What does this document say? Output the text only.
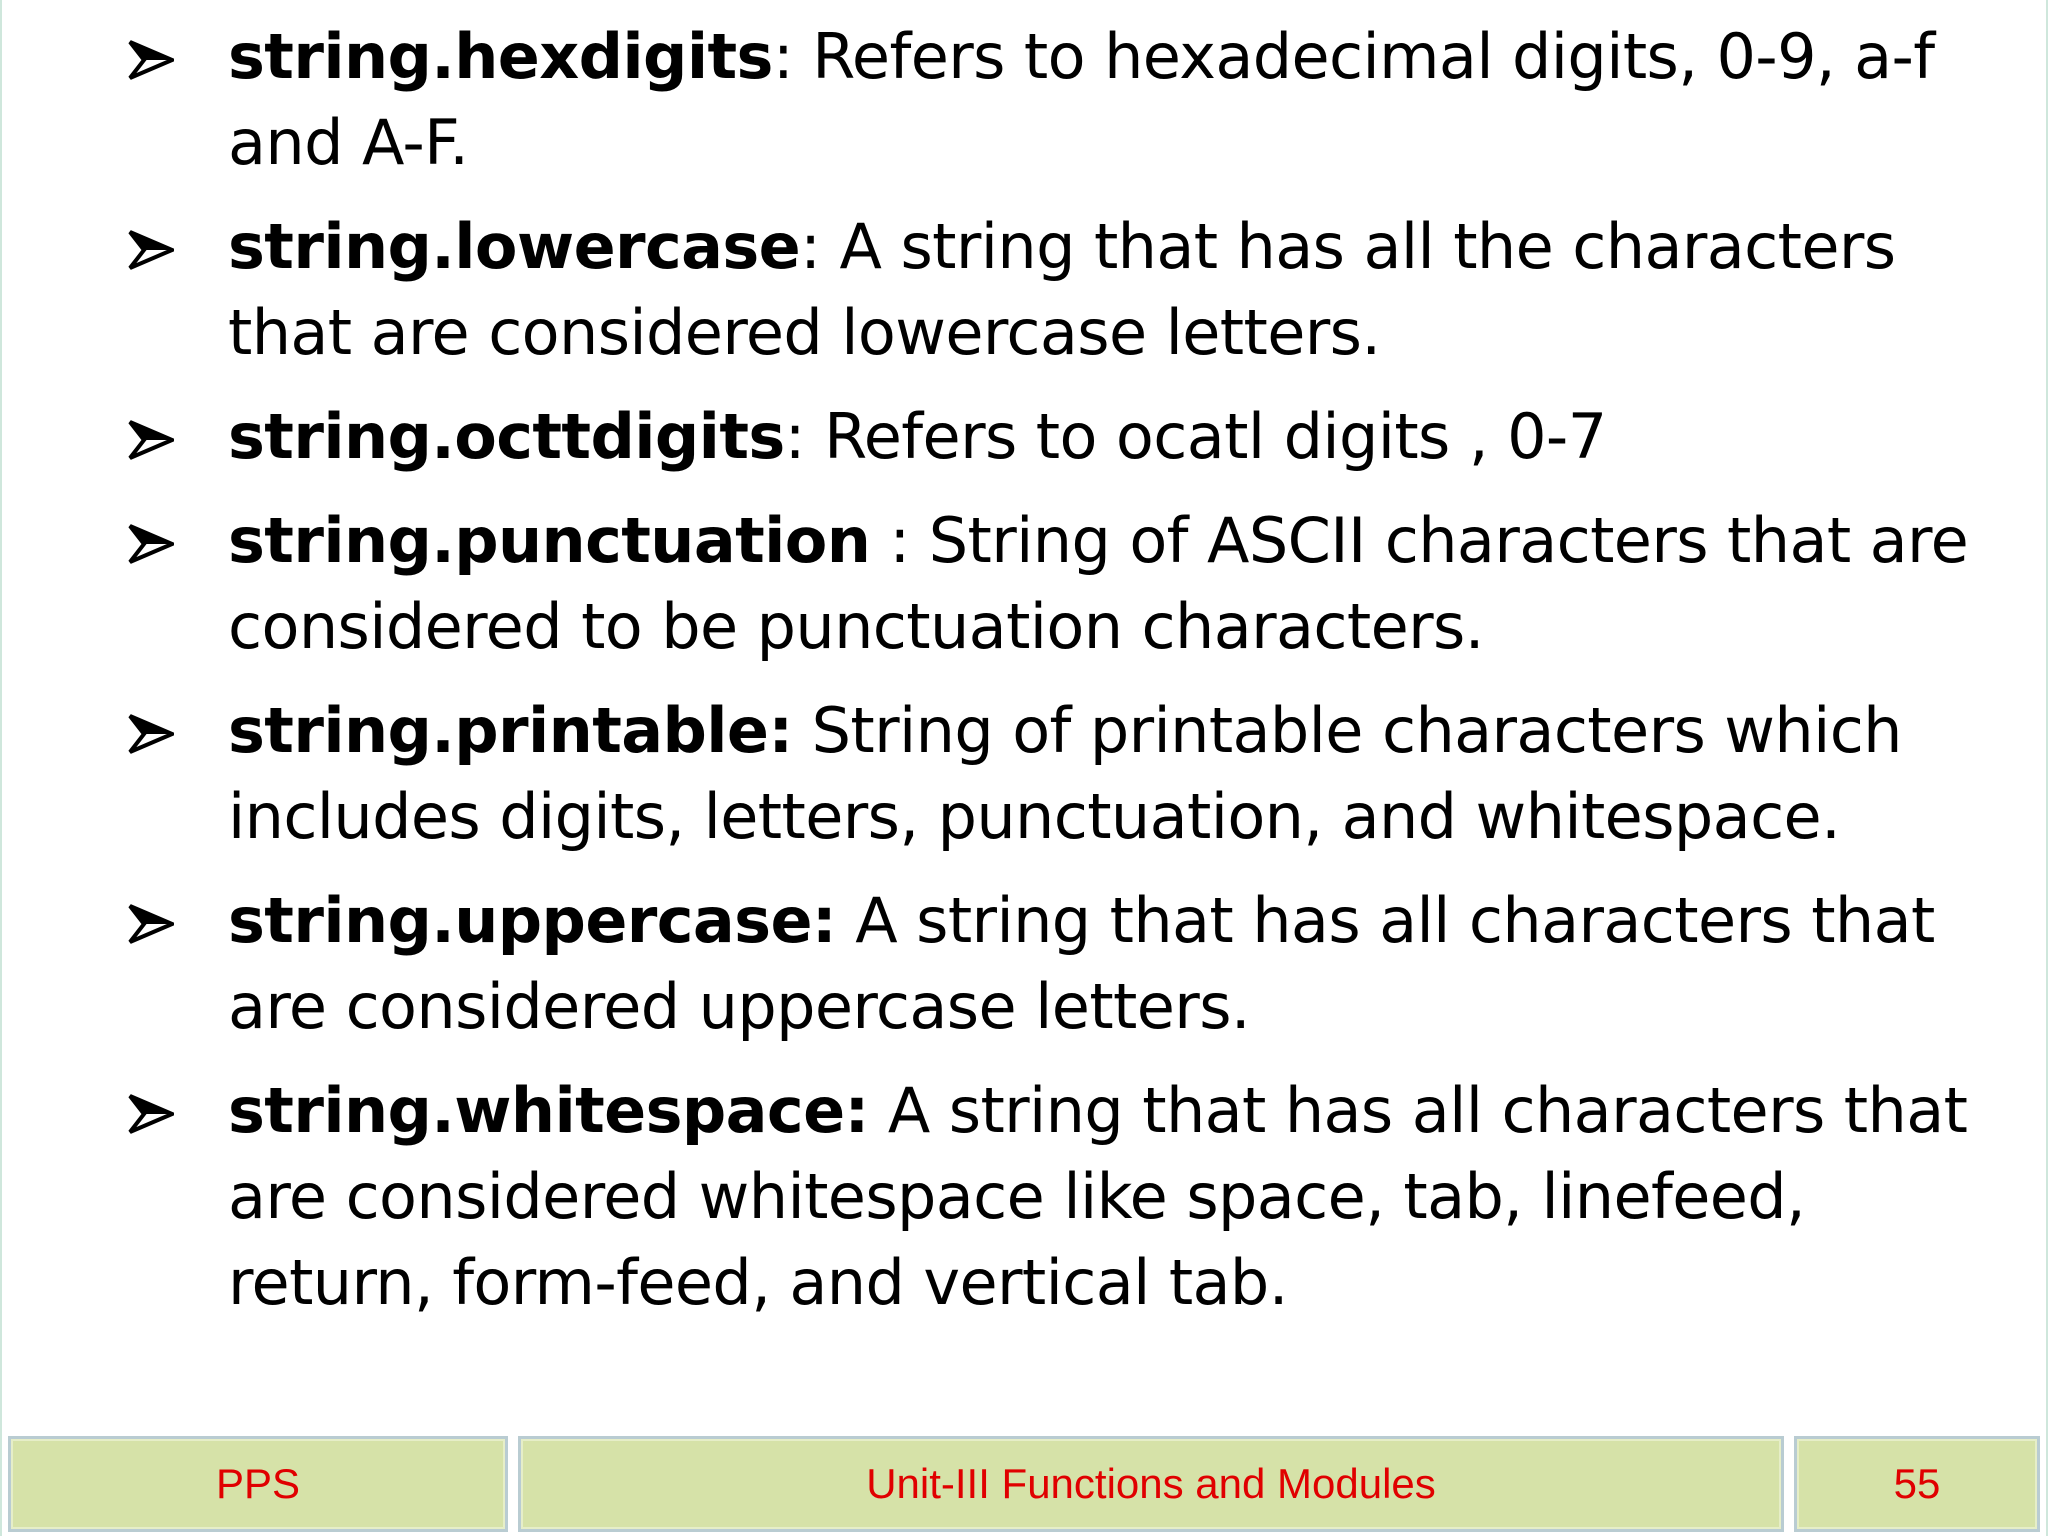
string.hexdigits: Refers to hexadecimal digits, 0-9, a-f and A-F.
string.lowercase: A string that has all the characters that are considered lowercase letters.
string.octtdigits: Refers to ocatl digits , 0-7
string.punctuation : String of ASCII characters that are considered to be punctuation characters.
string.printable: String of printable characters which includes digits, letters, punctuation, and whitespace.
string.uppercase: A string that has all characters that are considered uppercase letters.
string.whitespace: A string that has all characters that are considered whitespace like space, tab, linefeed, return, form-feed, and vertical tab.
PPS	Unit-III Functions and Modules	55
